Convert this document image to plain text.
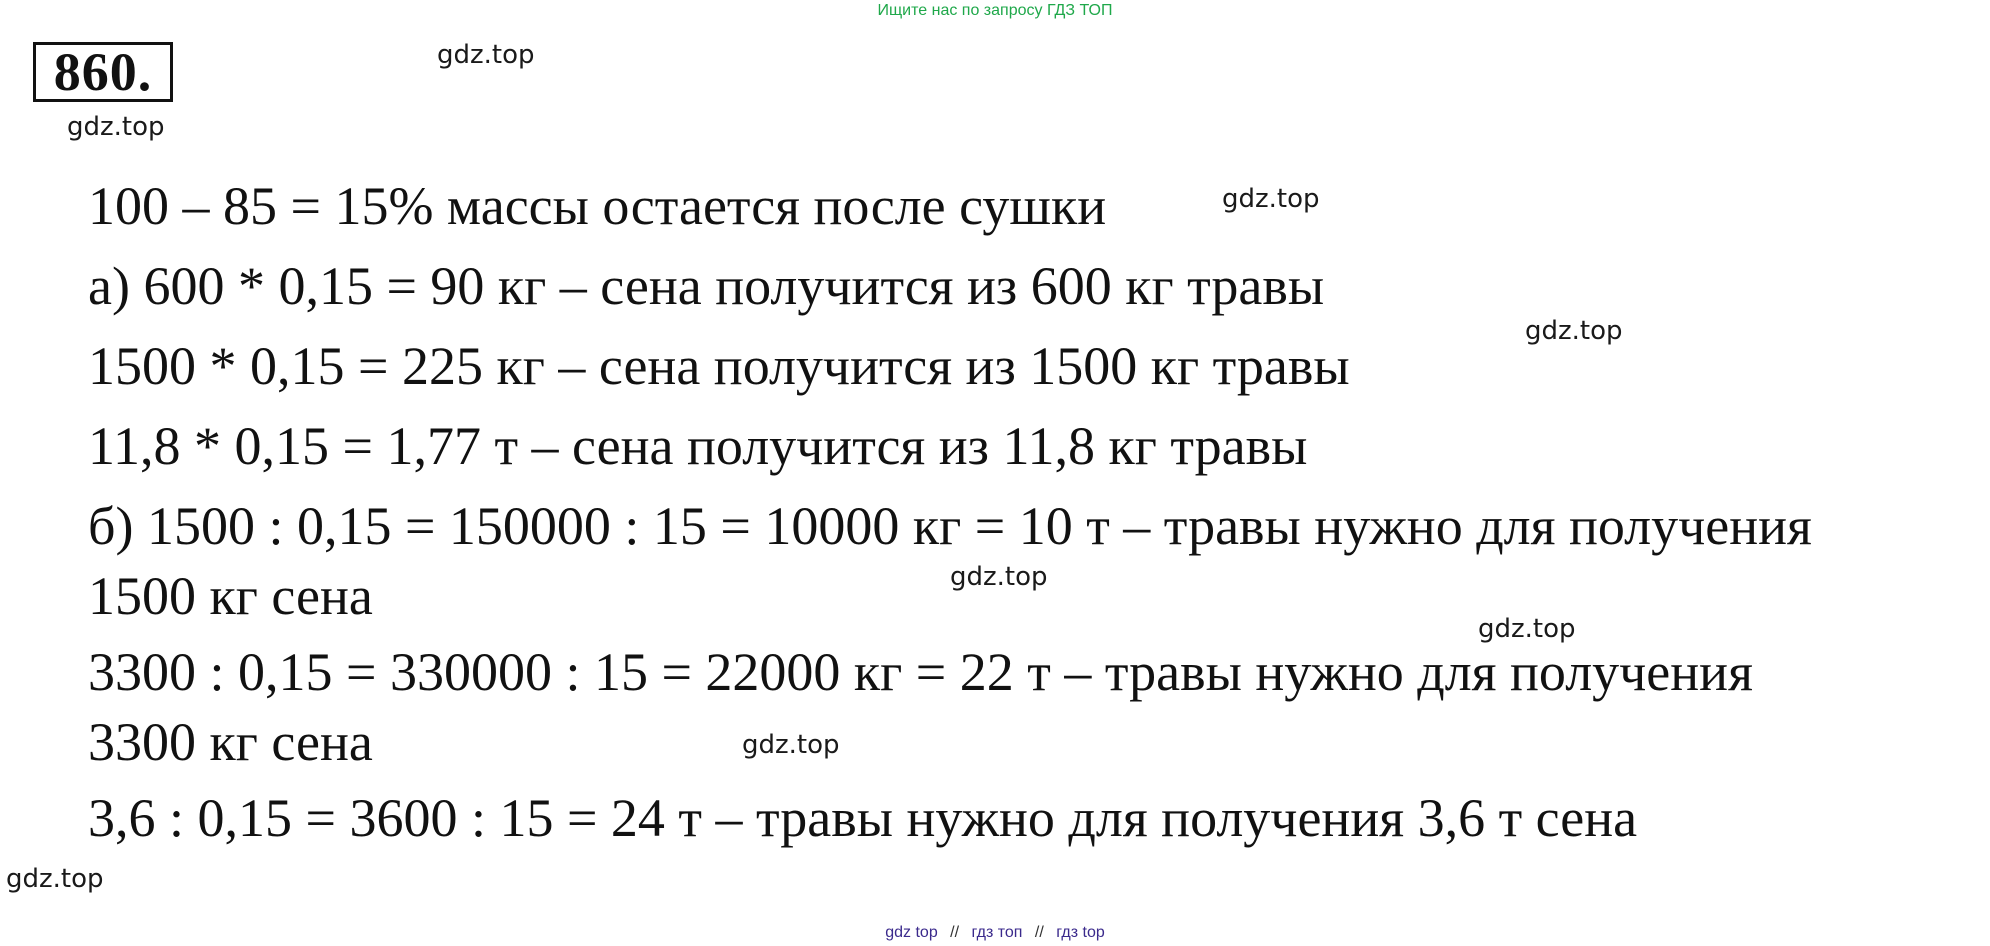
Ищите нас по запросу ГДЗ ТОП
860.	gdz.top
gdz.top
gdz.top
gdz.top
gdz.top
gdz.top
gdz.top
gdz.top
100 – 85 = 15% массы остается после сушки
а) 600 * 0,15 = 90 кг – сена получится из 600 кг травы
1500 * 0,15 = 225 кг – сена получится из 1500 кг травы
11,8 * 0,15 = 1,77 т – сена получится из 11,8 кг травы
б) 1500 : 0,15 = 150000 : 15 = 10000 кг = 10 т – травы нужно для получения
1500 кг сена
3300 : 0,15 = 330000 : 15 = 22000 кг = 22 т – травы нужно для получения
3300 кг сена
3,6 : 0,15 = 3600 : 15 = 24 т – травы нужно для получения 3,6 т сена
gdz top // гдз топ // гдз top
